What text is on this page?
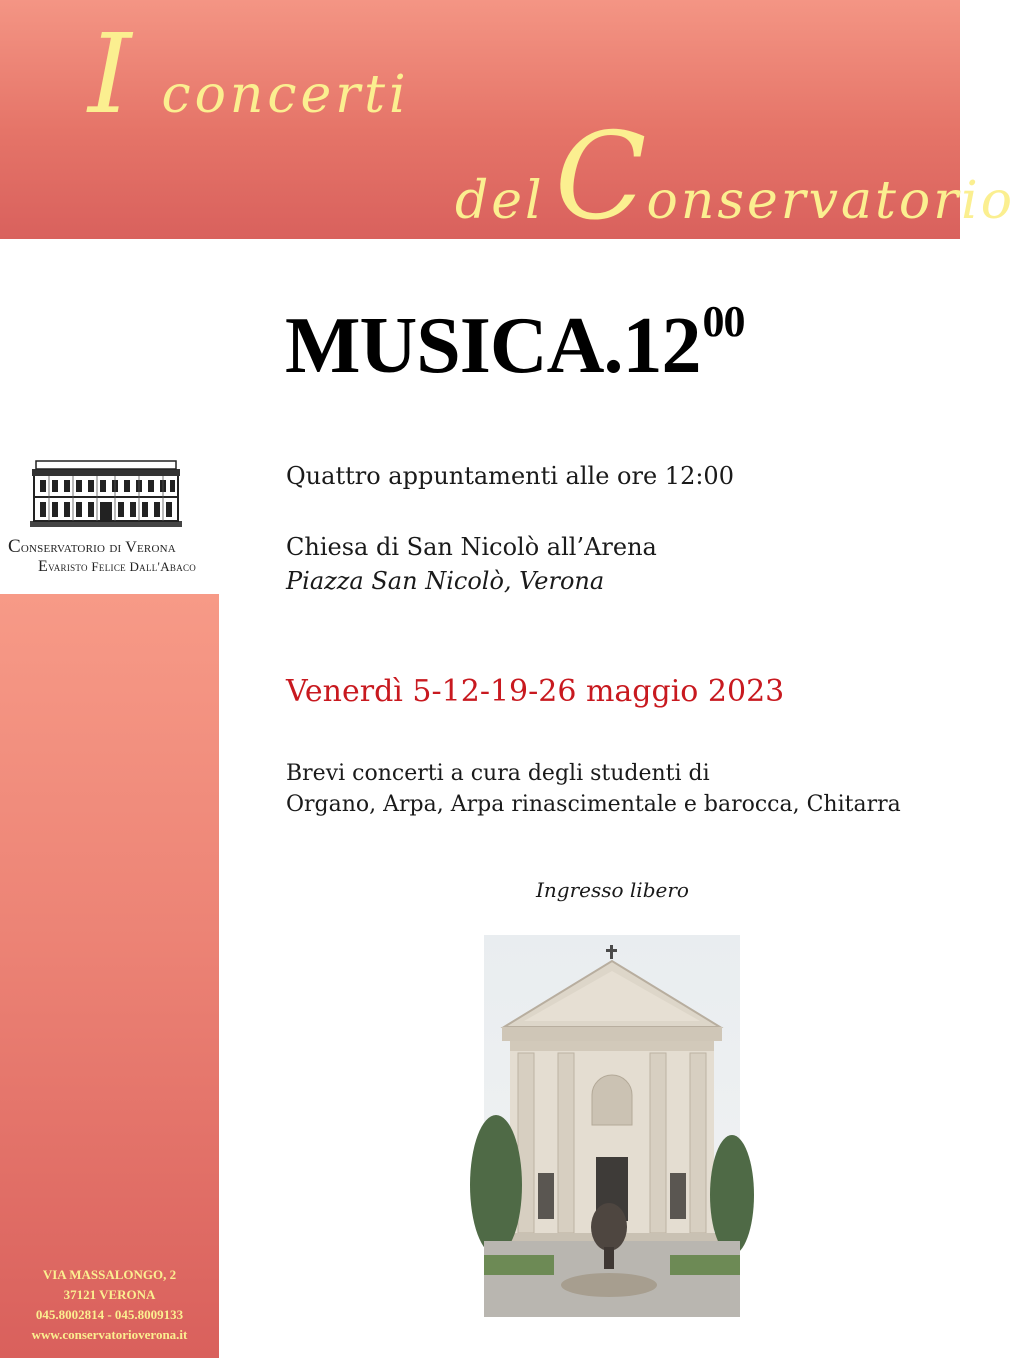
Iconcerti
delConservatorio
$MUSICA.12^{00}$
Conservatorio di Verona
Evaristo Felice Dall'Abaco
VIA MASSALONGO, 2
37121 VERONA
045.8002814 - 045.8009133
www.conservatorioverona.it
Quattro appuntamenti alle ore 12:00
Chiesa di San Nicolò all’Arena
Piazza San Nicolò, Verona
Venerdì 5-12-19-26 maggio 2023
Brevi concerti a cura degli studenti di
Organo, Arpa, Arpa rinascimentale e barocca, Chitarra
Ingresso libero
